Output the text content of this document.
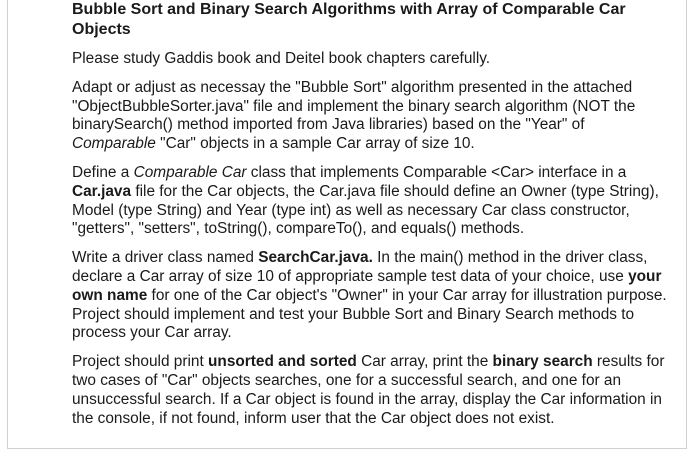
Bubble Sort and Binary Search Algorithms with Array of Comparable Car Objects

Please study Gaddis book and Deitel book chapters carefully.

Adapt or adjust as necessay the "Bubble Sort" algorithm presented in the attached "ObjectBubbleSorter.java" file and implement the binary search algorithm (NOT the binarySearch() method imported from Java libraries) based on the "Year" of Comparable "Car" objects in a sample Car array of size 10.

Define a Comparable Car class that implements Comparable <Car> interface in a Car.java file for the Car objects, the Car.java file should define an Owner (type String), Model (type String) and Year (type int) as well as necessary Car class constructor, "getters", "setters", toString(), compareTo(), and equals() methods.

Write a driver class named SearchCar.java. In the main() method in the driver class, declare a Car array of size 10 of appropriate sample test data of your choice, use your own name for one of the Car object's "Owner" in your Car array for illustration purpose. Project should implement and test your Bubble Sort and Binary Search methods to process your Car array.

Project should print unsorted and sorted Car array, print the binary search results for two cases of "Car" objects searches, one for a successful search, and one for an unsuccessful search. If a Car object is found in the array, display the Car information in the console, if not found, inform user that the Car object does not exist.
